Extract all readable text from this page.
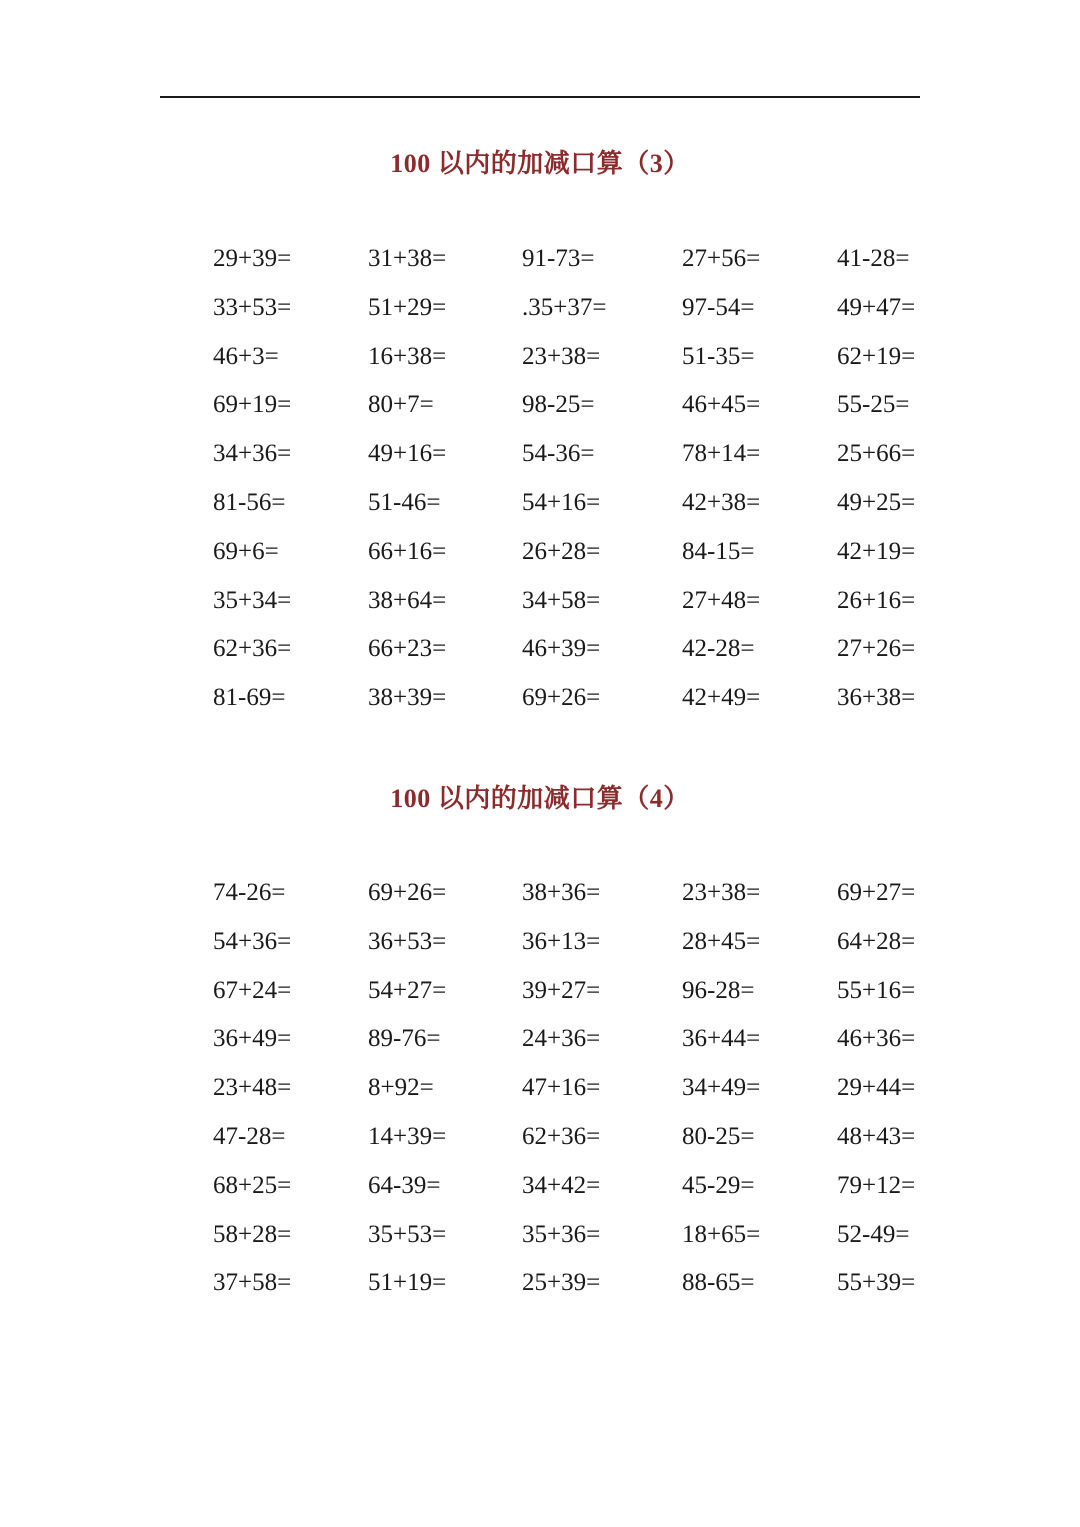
100 以内的加减口算（3）
29+39=	31+38=	91-73=	27+56=	41-28=
33+53=	51+29=	.35+37=	97-54=	49+47=
46+3=	16+38=	23+38=	51-35=	62+19=
69+19=	80+7=	98-25=	46+45=	55-25=
34+36=	49+16=	54-36=	78+14=	25+66=
81-56=	51-46=	54+16=	42+38=	49+25=
69+6=	66+16=	26+28=	84-15=	42+19=
35+34=	38+64=	34+58=	27+48=	26+16=
62+36=	66+23=	46+39=	42-28=	27+26=
81-69=	38+39=	69+26=	42+49=	36+38=
100 以内的加减口算（4）
74-26=	69+26=	38+36=	23+38=	69+27=
54+36=	36+53=	36+13=	28+45=	64+28=
67+24=	54+27=	39+27=	96-28=	55+16=
36+49=	89-76=	24+36=	36+44=	46+36=
23+48=	8+92=	47+16=	34+49=	29+44=
47-28=	14+39=	62+36=	80-25=	48+43=
68+25=	64-39=	34+42=	45-29=	79+12=
58+28=	35+53=	35+36=	18+65=	52-49=
37+58=	51+19=	25+39=	88-65=	55+39=
